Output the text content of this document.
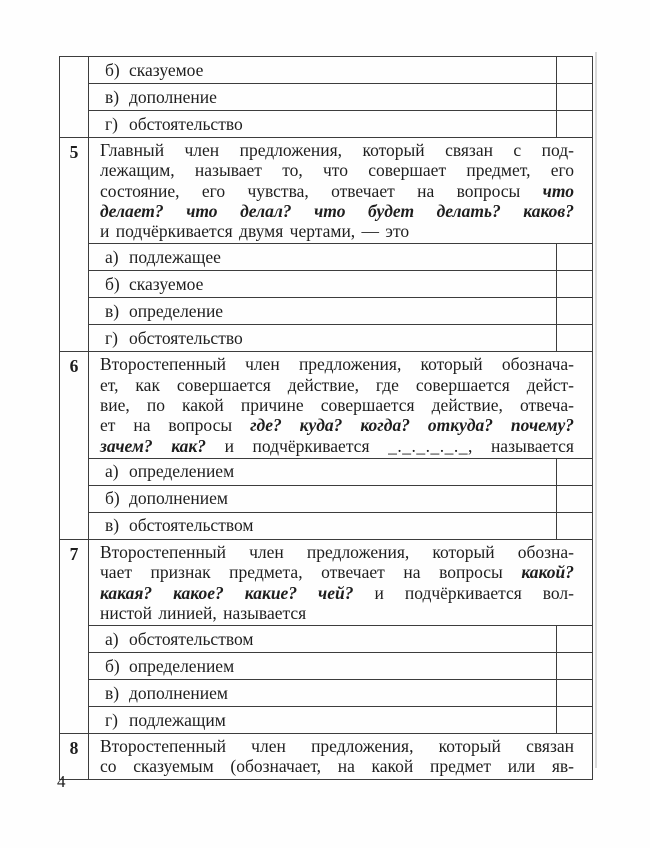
	б) сказуемое	

	в) дополнение	

	г) обстоятельство	

5	Главный член предложения, который связан с под-
лежащим, называет то, что совершает предмет, его
состояние, его чувства, отвечает на вопросы что
делает? что делал? что будет делать? каков?
и подчёркивается двумя чертами, — это	

	а) подлежащее	

	б) сказуемое	

	в) определение	

	г) обстоятельство	

6	Второстепенный член предложения, который обознача-
ет, как совершается действие, где совершается дейст-
вие, по какой причине совершается действие, отвеча-
ет на вопросы где? куда? когда? откуда? почему?
зачем? как? и подчёркивается _._._._._._, называется	

	а) определением	

	б) дополнением	

	в) обстоятельством	

7	Второстепенный член предложения, который обозна-
чает признак предмета, отвечает на вопросы какой?
какая? какое? какие? чей? и подчёркивается вол-
нистой линией, называется	

	а) обстоятельством	

	б) определением	

	в) дополнением	

	г) подлежащим	

8	Второстепенный член предложения, который связан
со сказуемым (обозначает, на какой предмет или яв-	
4
